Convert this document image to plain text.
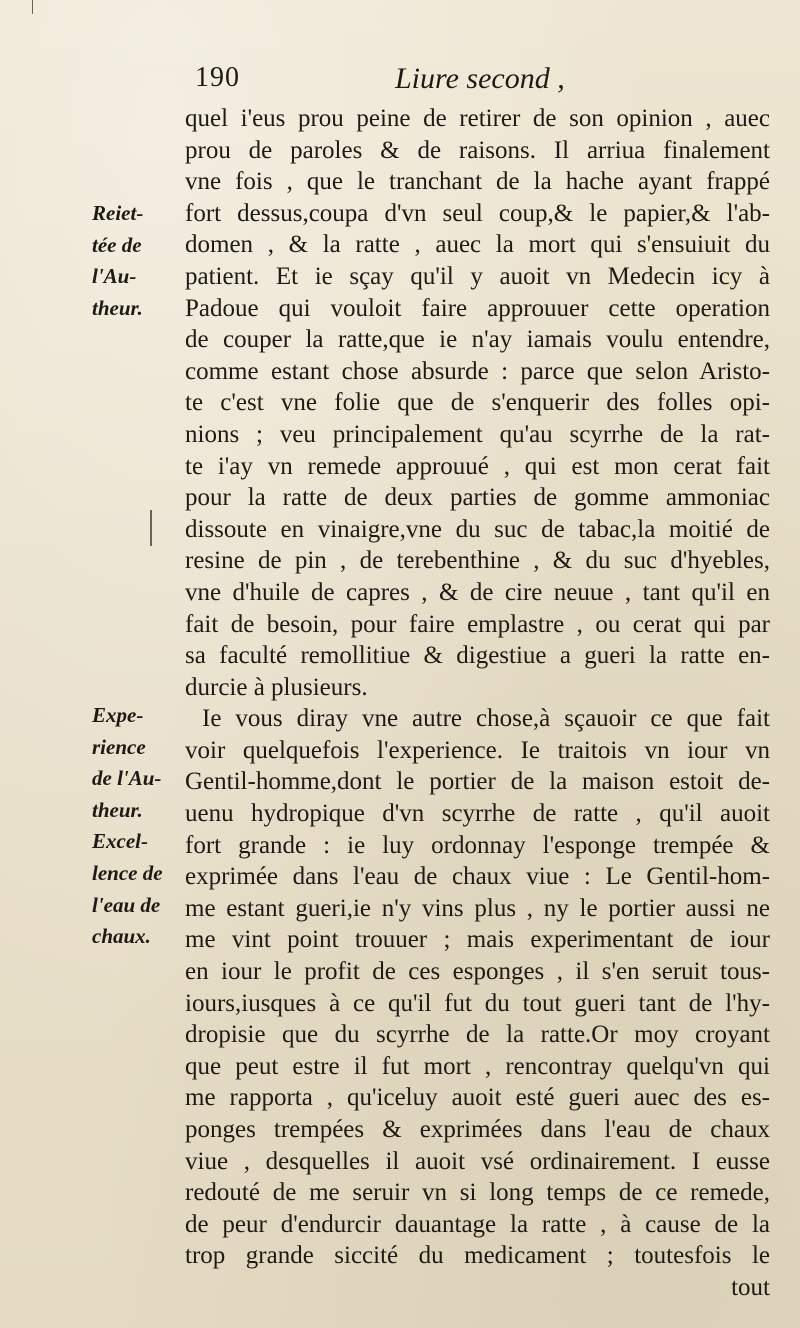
190	Liure second ,
Reiet-
tée de
l'Au-
theur.
Expe-
rience
de l'Au-
theur.
Excel-
lence de
l'eau de
chaux.
quel i'eus prou peine de retirer de son opinion , auec
prou de paroles & de raisons. Il arriua finalement
vne fois , que le tranchant de la hache ayant frappé
fort dessus,coupa d'vn seul coup,& le papier,& l'ab-
domen , & la ratte , auec la mort qui s'ensuiuit du
patient. Et ie sçay qu'il y auoit vn Medecin icy à
Padoue qui vouloit faire approuuer cette operation
de couper la ratte,que ie n'ay iamais voulu entendre,
comme estant chose absurde : parce que selon Aristo-
te c'est vne folie que de s'enquerir des folles opi-
nions ; veu principalement qu'au scyrrhe de la rat-
te i'ay vn remede approuué , qui est mon cerat fait
pour la ratte de deux parties de gomme ammoniac
dissoute en vinaigre,vne du suc de tabac,la moitié de
resine de pin , de terebenthine , & du suc d'hyebles,
vne d'huile de capres , & de cire neuue , tant qu'il en
fait de besoin, pour faire emplastre , ou cerat qui par
sa faculté remollitiue & digestiue a gueri la ratte en-
durcie à plusieurs.
Ie vous diray vne autre chose,à sçauoir ce que fait
voir quelquefois l'experience. Ie traitois vn iour vn
Gentil-homme,dont le portier de la maison estoit de-
uenu hydropique d'vn scyrrhe de ratte , qu'il auoit
fort grande : ie luy ordonnay l'esponge trempée &
exprimée dans l'eau de chaux viue : Le Gentil-hom-
me estant gueri,ie n'y vins plus , ny le portier aussi ne
me vint point trouuer ; mais experimentant de iour
en iour le profit de ces esponges , il s'en seruit tous-
iours,iusques à ce qu'il fut du tout gueri tant de l'hy-
dropisie que du scyrrhe de la ratte.Or moy croyant
que peut estre il fut mort , rencontray quelqu'vn qui
me rapporta , qu'iceluy auoit esté gueri auec des es-
ponges trempées & exprimées dans l'eau de chaux
viue , desquelles il auoit vsé ordinairement. I eusse
redouté de me seruir vn si long temps de ce remede,
de peur d'endurcir dauantage la ratte , à cause de la
trop grande siccité du medicament ; toutesfois le
tout
